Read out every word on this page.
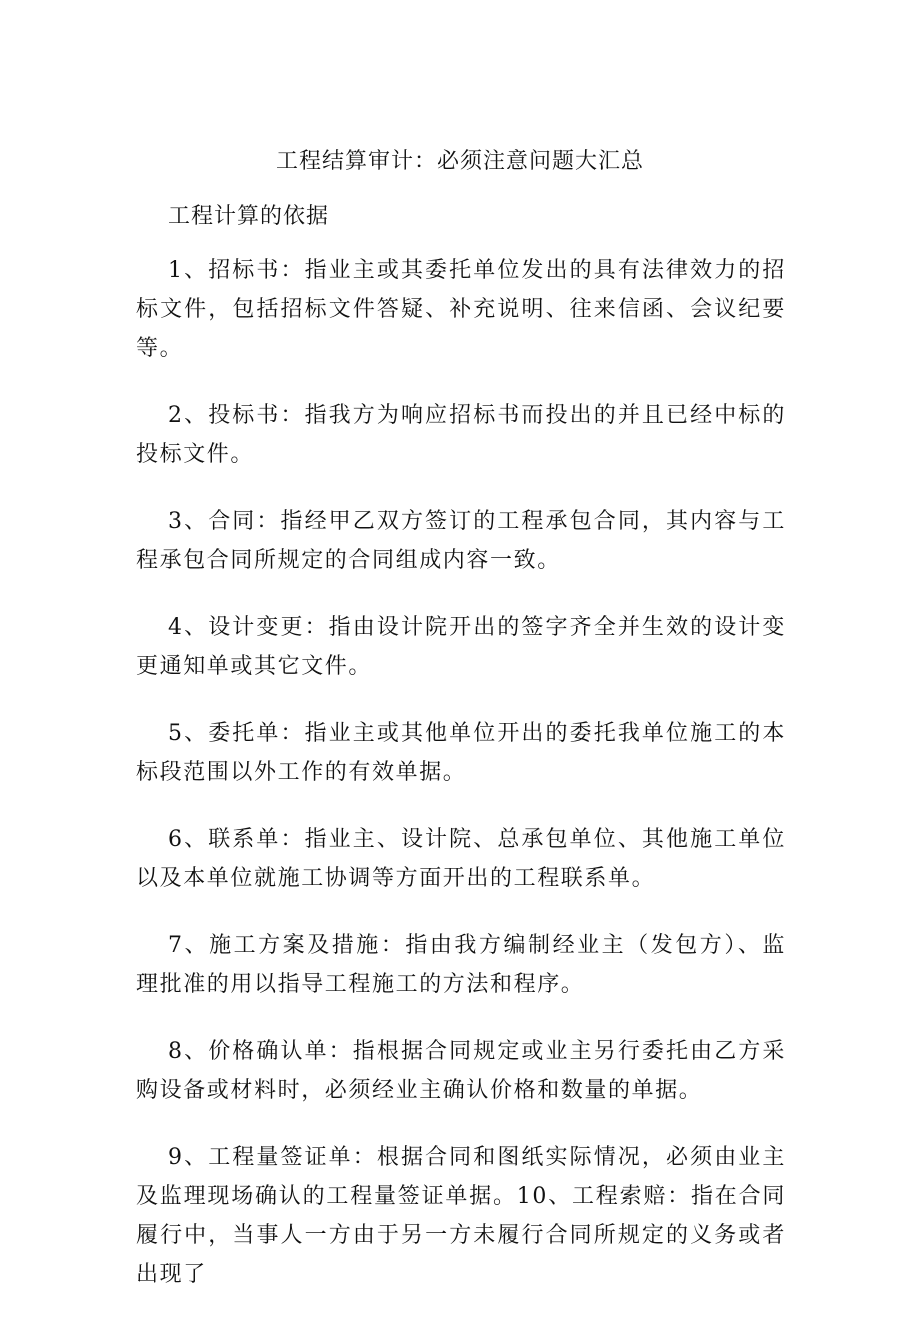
工程结算审计：必须注意问题大汇总
工程计算的依据

1、招标书：指业主或其委托单位发出的具有法律效力的招标文件，包括招标文件答疑、补充说明、往来信函、会议纪要等。

2、投标书：指我方为响应招标书而投出的并且已经中标的投标文件。

3、合同：指经甲乙双方签订的工程承包合同，其内容与工程承包合同所规定的合同组成内容一致。

4、设计变更：指由设计院开出的签字齐全并生效的设计变更通知单或其它文件。

5、委托单：指业主或其他单位开出的委托我单位施工的本标段范围以外工作的有效单据。

6、联系单：指业主、设计院、总承包单位、其他施工单位以及本单位就施工协调等方面开出的工程联系单。

7、施工方案及措施：指由我方编制经业主（发包方）、监理批准的用以指导工程施工的方法和程序。

8、价格确认单：指根据合同规定或业主另行委托由乙方采购设备或材料时，必须经业主确认价格和数量的单据。

9、工程量签证单：根据合同和图纸实际情况，必须由业主及监理现场确认的工程量签证单据。10、工程索赔：指在合同履行中，当事人一方由于另一方未履行合同所规定的义务或者出现了
